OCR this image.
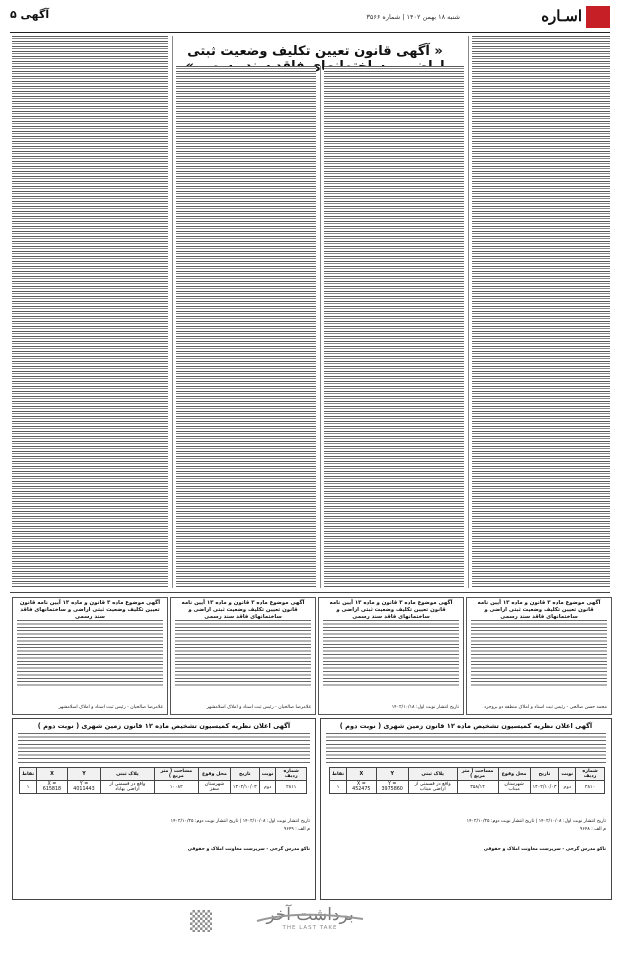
اسـاره
شنبه ۱۸ بهمن ۱۴۰۲ | شماره ۳۵۶۶
آگهی ۵
« آگهی قانون تعیین تکلیف وضعیت ثبتی
آگهی موضوع ماده ۳ قانون و ماده ۱۳ آیین نامه قانون تعیین تکلیف وضعیت ثبتی اراضی و ساختمانهای فاقد سند رسمی
محمد حسن صالحی - رئیس ثبت اسناد و املاک منطقه دو بروجرد
آگهی موضوع ماده ۳ قانون و ماده ۱۳ آیین نامه قانون تعیین تکلیف وضعیت ثبتی اراضی و ساختمانهای فاقد سند رسمی
تاریخ انتشار نوبت اول: ۱۴۰۲/۱۰/۱۸
آگهی موضوع ماده ۳ قانون و ماده ۱۳ آیین نامه قانون تعیین تکلیف وضعیت ثبتی اراضی و ساختمانهای فاقد سند رسمی
غلامرضا صالحیان - رئیس ثبت اسناد و املاک اسلامشهر
آگهی موضوع ماده ۳ قانون و ماده ۱۳ آیین نامه قانون تعیین تکلیف وضعیت ثبتی اراضی و ساختمانهای فاقد سند رسمی
غلامرضا صالحیان - رئیس ثبت اسناد و املاک اسلامشهر
آگهی اعلان نظریه کمیسیون تشخیص ماده ۱۲ قانون زمین شهری ( نوبت دوم )
شماره ردیف	نوبت	تاریخ	محل وقوع	مساحت ( متر مربع )	پلاک ثبتی	Y	X	نقاط
۲۸۱۰	دوم	۱۴۰۲/۱۰/۰۳	شهرستان میناب	۳۵۸/۱۴	واقع در قسمتی از اراضی میناب	Y = 3975860	X = 452475	۱
تاریخ انتشار نوبت اول: ۱۴۰۲/۱۰/۰۸ | تاریخ انتشار نوبت دوم: ۱۴۰۲/۱۰/۲۵
م الف : ۹۶۴۸
ناکو مدرس گرجی - سرپرست معاونت املاک و حقوقی
آگهی اعلان نظریه کمیسیون تشخیص ماده ۱۲ قانون زمین شهری ( نوبت دوم )
شماره ردیف	نوبت	تاریخ	محل وقوع	مساحت ( متر مربع )	پلاک ثبتی	Y	X	نقاط
۲۸۱۱	دوم	۱۴۰۲/۱۰/۰۳	شهرستان سقز	۱۰۰۸۲	واقع در قسمتی از اراضی بهاباد	Y = 4011443	X = 615818	۱
تاریخ انتشار نوبت اول: ۱۴۰۲/۱۰/۰۸ | تاریخ انتشار نوبت دوم: ۱۴۰۲/۱۰/۲۵
م الف : ۹۶۴۹
ناکو مدرس گرجی - سرپرست معاونت املاک و حقوقی
برداشت آخر
THE LAST TAKE
